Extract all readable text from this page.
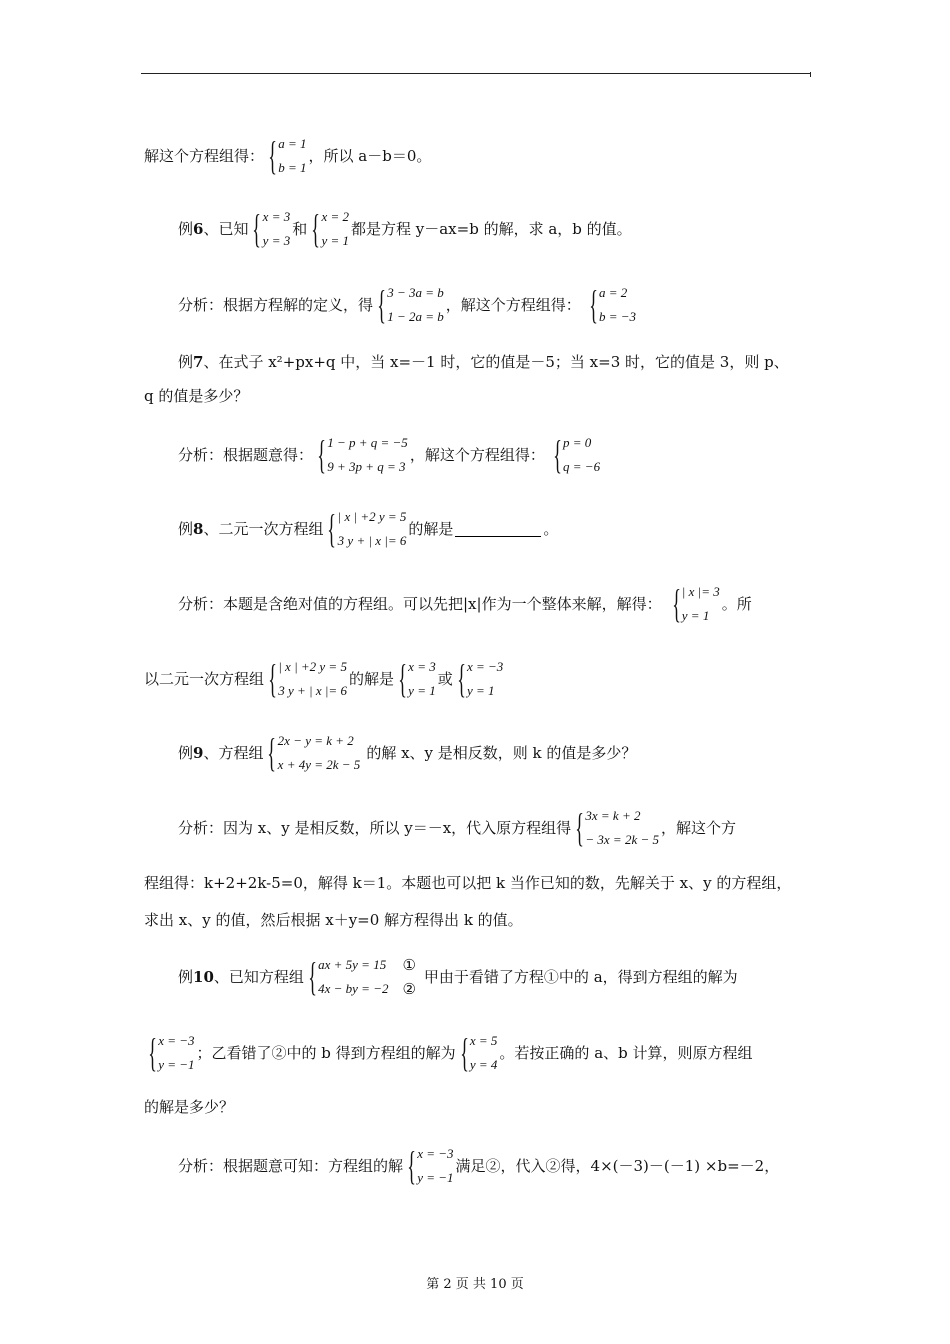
解这个方程组得： { a = 1
b = 1
，所以 a－b＝0。
例 6 、已知 { x = 3
y = 3
和 { x = 2
y = 1
都是方程 y－ax=b 的解，求 a，b 的值。
分析：根据方程解的定义，得 { 3 − 3a = b
1 − 2a = b
，解这个方程组得： { a = 2
b = −3
例 7 、在式子 x²+px+q 中，当 x=－1 时，它的值是－5；当 x=3 时，它的值是 3，则 p、
q 的值是多少？
分析：根据题意得： { 1 − p + q = −5
9 + 3p + q = 3
，解这个方程组得： { p = 0
q = −6
例 8 、二元一次方程组 { | x | +2 y = 5
3 y + | x |= 6
的解是	。
分析：本题是含绝对值的方程组。可以先把|x|作为一个整体来解，解得： { | x |= 3
y = 1
。所
以二元一次方程组 { | x | +2 y = 5
3 y + | x |= 6
的解是 { x = 3
y = 1
或 { x = −3
y = 1
例 9 、方程组 { 2x − y = k + 2
x + 4y = 2k − 5
的解 x、y 是相反数，则 k 的值是多少？
分析：因为 x、y 是相反数，所以 y＝－x，代入原方程组得 { 3x = k + 2
− 3x = 2k − 5
，解这个方
程组得：k+2+2k-5=0，解得 k＝1。本题也可以把 k 当作已知的数，先解关于 x、y 的方程组，
求出 x、y 的值，然后根据 x＋y=0 解方程得出 k 的值。
例 10 、已知方程组 { ax + 5y = 15
4x − by = −2
①
②
甲由于看错了方程①中的 a，得到方程组的解为
{ x = −3
y = −1
；乙看错了②中的 b 得到方程组的解为 { x = 5
y = 4
。若按正确的 a、b 计算，则原方程组
的解是多少？
分析：根据题意可知：方程组的解 { x = −3
y = −1
满足②，代入②得，4×(－3)－(－1) ×b=－2，
第 2 页 共 10 页
